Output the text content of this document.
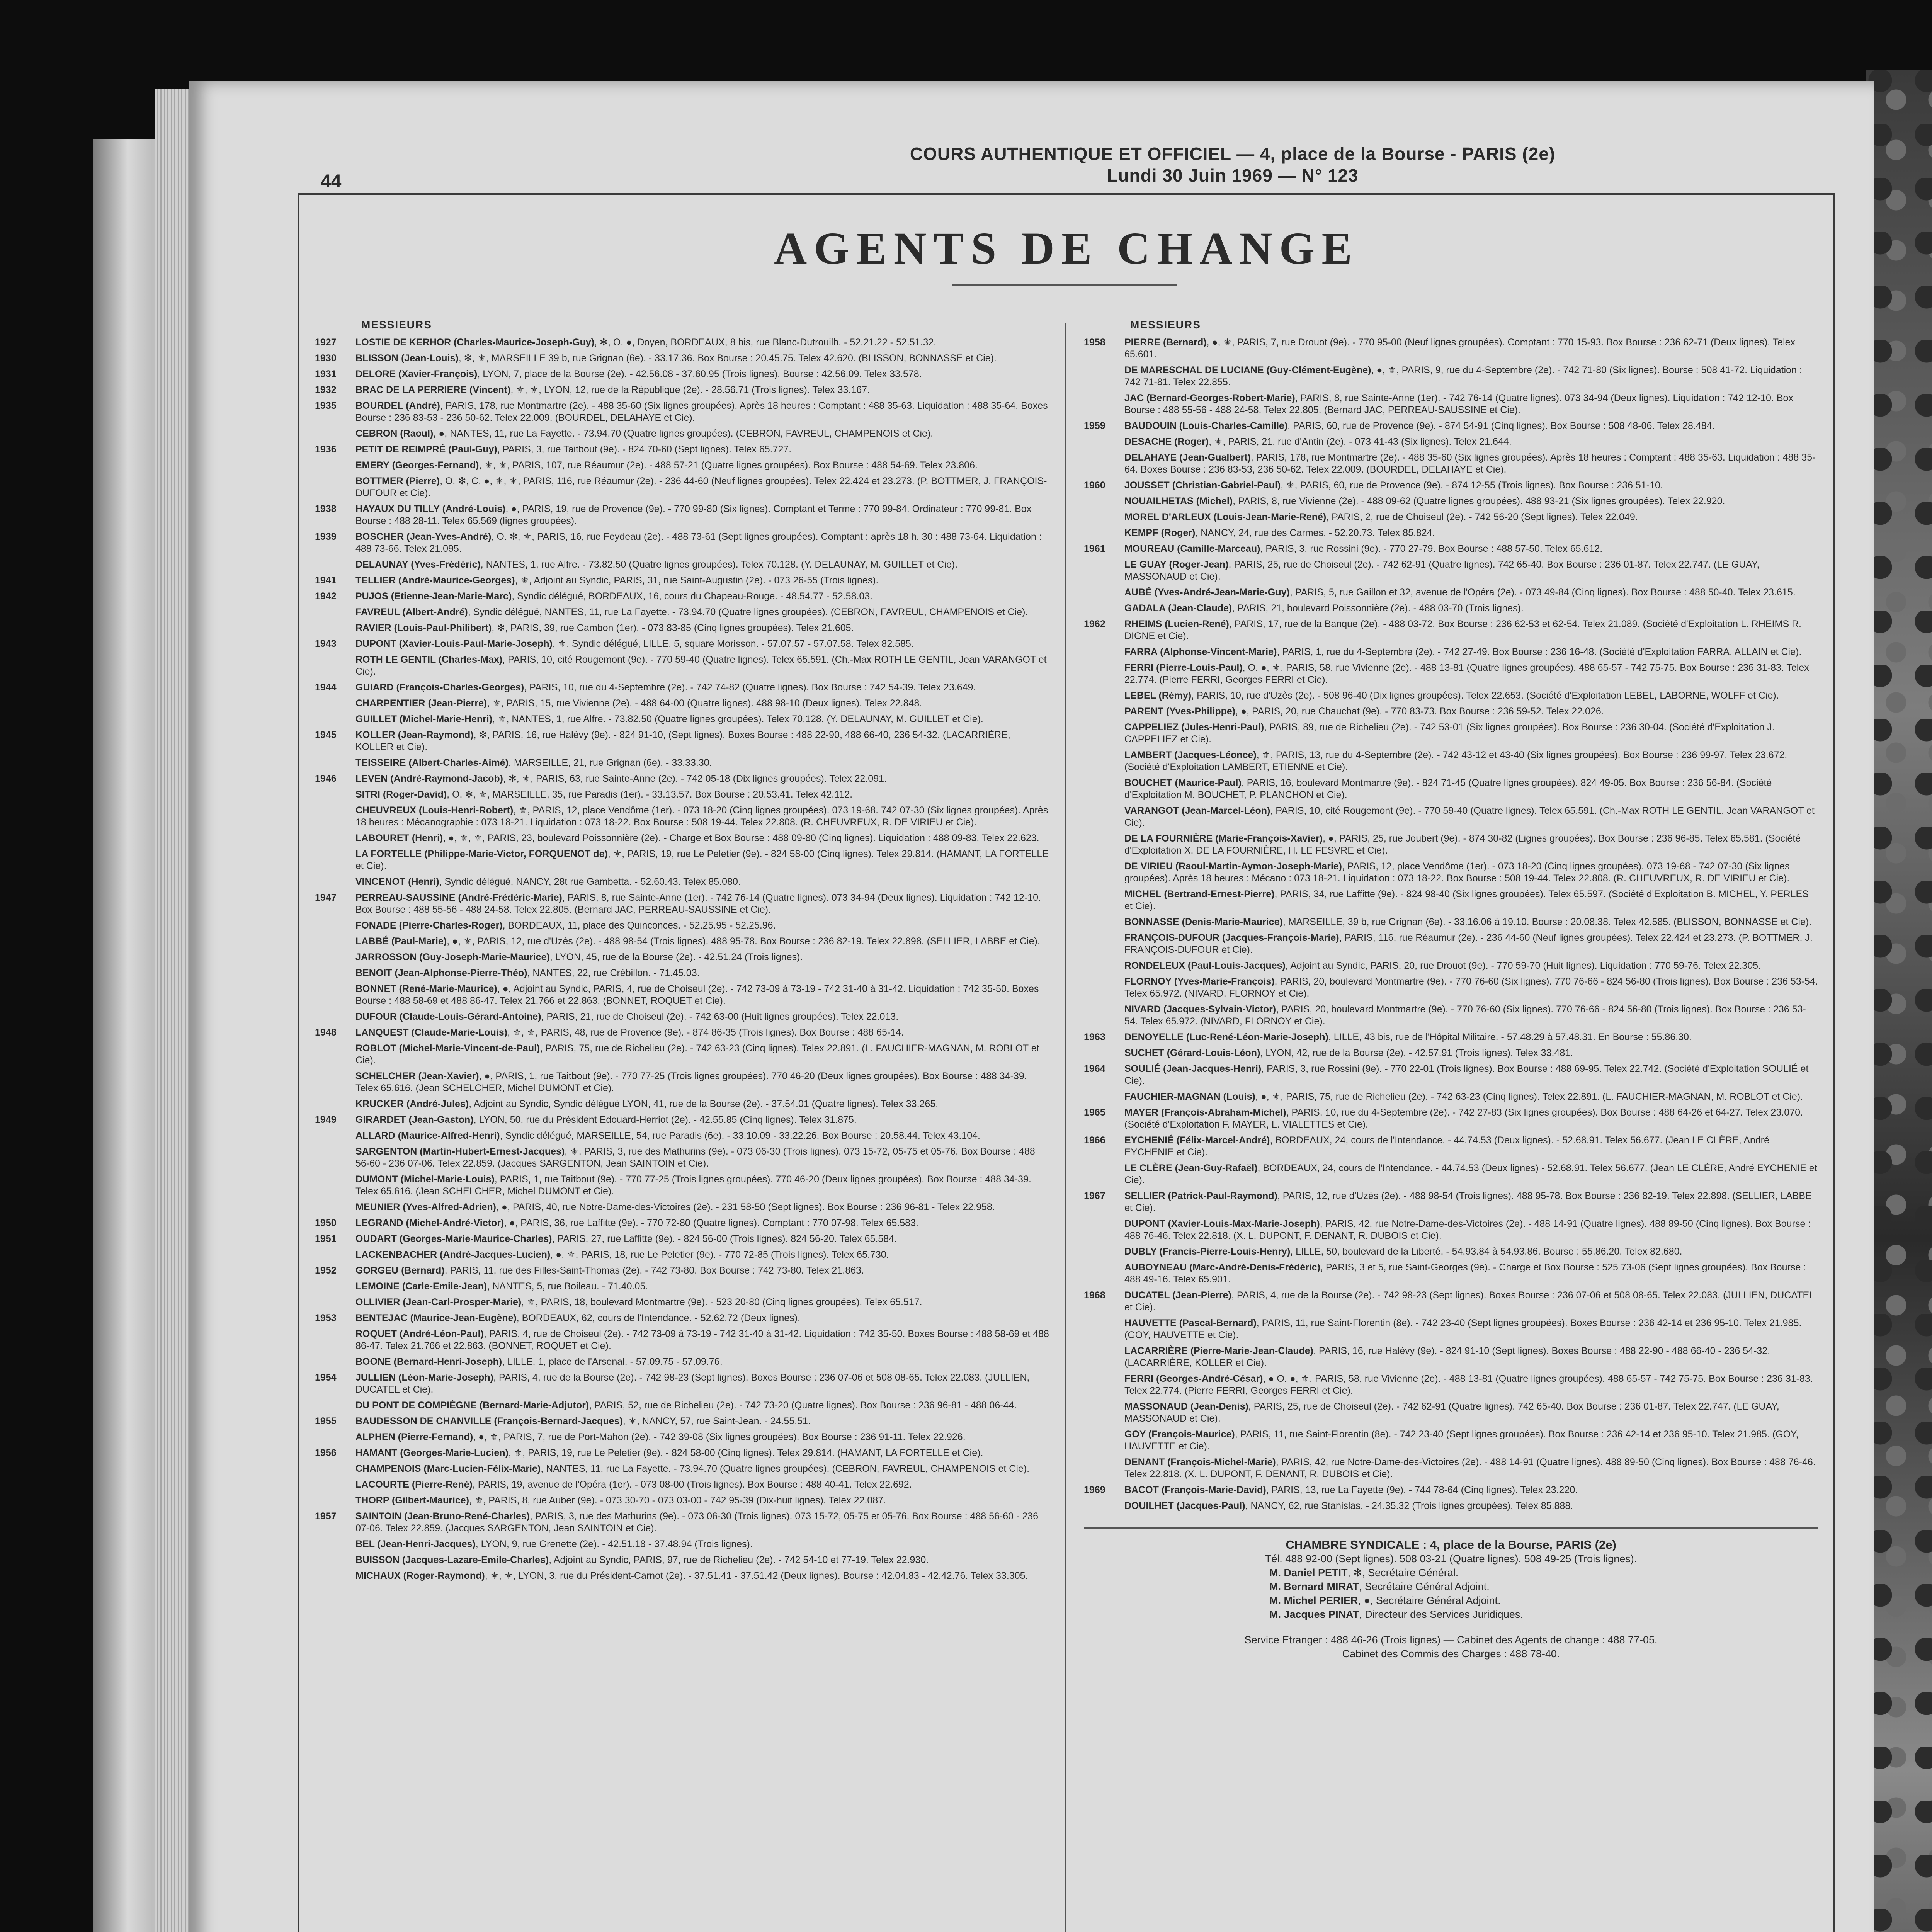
44
COURS AUTHENTIQUE ET OFFICIEL — 4, place de la Bourse - PARIS (2e)
Lundi 30 Juin 1969 — N° 123
AGENTS DE CHANGE
MESSIEURS
1927	LOSTIE DE KERHOR (Charles-Maurice-Joseph-Guy), ✻, O. ●, Doyen, BORDEAUX, 8 bis, rue Blanc-Dutrouilh. - 52.21.22 - 52.51.32.
1930	BLISSON (Jean-Louis), ✻, ⚜, MARSEILLE 39 b, rue Grignan (6e). - 33.17.36. Box Bourse : 20.45.75. Telex 42.620. (BLISSON, BONNASSE et Cie).
1931	DELORE (Xavier-François), LYON, 7, place de la Bourse (2e). - 42.56.08 - 37.60.95 (Trois lignes). Bourse : 42.56.09. Telex 33.578.
1932	BRAC DE LA PERRIERE (Vincent), ⚜, ⚜, LYON, 12, rue de la République (2e). - 28.56.71 (Trois lignes). Telex 33.167.
1935	BOURDEL (André), PARIS, 178, rue Montmartre (2e). - 488 35-60 (Six lignes groupées). Après 18 heures : Comptant : 488 35-63. Liquidation : 488 35-64. Boxes Bourse : 236 83-53 - 236 50-62. Telex 22.009. (BOURDEL, DELAHAYE et Cie).
CEBRON (Raoul), ●, NANTES, 11, rue La Fayette. - 73.94.70 (Quatre lignes groupées). (CEBRON, FAVREUL, CHAMPENOIS et Cie).
1936	PETIT DE REIMPRÉ (Paul-Guy), PARIS, 3, rue Taitbout (9e). - 824 70-60 (Sept lignes). Telex 65.727.
EMERY (Georges-Fernand), ⚜, ⚜, PARIS, 107, rue Réaumur (2e). - 488 57-21 (Quatre lignes groupées). Box Bourse : 488 54-69. Telex 23.806.
BOTTMER (Pierre), O. ✻, C. ●, ⚜, ⚜, PARIS, 116, rue Réaumur (2e). - 236 44-60 (Neuf lignes groupées). Telex 22.424 et 23.273. (P. BOTTMER, J. FRANÇOIS-DUFOUR et Cie).
1938	HAYAUX DU TILLY (André-Louis), ●, PARIS, 19, rue de Provence (9e). - 770 99-80 (Six lignes). Comptant et Terme : 770 99-84. Ordinateur : 770 99-81. Box Bourse : 488 28-11. Telex 65.569 (lignes groupées).
1939	BOSCHER (Jean-Yves-André), O. ✻, ⚜, PARIS, 16, rue Feydeau (2e). - 488 73-61 (Sept lignes groupées). Comptant : après 18 h. 30 : 488 73-64. Liquidation : 488 73-66. Telex 21.095.
DELAUNAY (Yves-Frédéric), NANTES, 1, rue Alfre. - 73.82.50 (Quatre lignes groupées). Telex 70.128. (Y. DELAUNAY, M. GUILLET et Cie).
1941	TELLIER (André-Maurice-Georges), ⚜, Adjoint au Syndic, PARIS, 31, rue Saint-Augustin (2e). - 073 26-55 (Trois lignes).
1942	PUJOS (Etienne-Jean-Marie-Marc), Syndic délégué, BORDEAUX, 16, cours du Chapeau-Rouge. - 48.54.77 - 52.58.03.
FAVREUL (Albert-André), Syndic délégué, NANTES, 11, rue La Fayette. - 73.94.70 (Quatre lignes groupées). (CEBRON, FAVREUL, CHAMPENOIS et Cie).
RAVIER (Louis-Paul-Philibert), ✻, PARIS, 39, rue Cambon (1er). - 073 83-85 (Cinq lignes groupées). Telex 21.605.
1943	DUPONT (Xavier-Louis-Paul-Marie-Joseph), ⚜, Syndic délégué, LILLE, 5, square Morisson. - 57.07.57 - 57.07.58. Telex 82.585.
ROTH LE GENTIL (Charles-Max), PARIS, 10, cité Rougemont (9e). - 770 59-40 (Quatre lignes). Telex 65.591. (Ch.-Max ROTH LE GENTIL, Jean VARANGOT et Cie).
1944	GUIARD (François-Charles-Georges), PARIS, 10, rue du 4-Septembre (2e). - 742 74-82 (Quatre lignes). Box Bourse : 742 54-39. Telex 23.649.
CHARPENTIER (Jean-Pierre), ⚜, PARIS, 15, rue Vivienne (2e). - 488 64-00 (Quatre lignes). 488 98-10 (Deux lignes). Telex 22.848.
GUILLET (Michel-Marie-Henri), ⚜, NANTES, 1, rue Alfre. - 73.82.50 (Quatre lignes groupées). Telex 70.128. (Y. DELAUNAY, M. GUILLET et Cie).
1945	KOLLER (Jean-Raymond), ✻, PARIS, 16, rue Halévy (9e). - 824 91-10, (Sept lignes). Boxes Bourse : 488 22-90, 488 66-40, 236 54-32. (LACARRIÈRE, KOLLER et Cie).
TEISSEIRE (Albert-Charles-Aimé), MARSEILLE, 21, rue Grignan (6e). - 33.33.30.
1946	LEVEN (André-Raymond-Jacob), ✻, ⚜, PARIS, 63, rue Sainte-Anne (2e). - 742 05-18 (Dix lignes groupées). Telex 22.091.
SITRI (Roger-David), O. ✻, ⚜, MARSEILLE, 35, rue Paradis (1er). - 33.13.57. Box Bourse : 20.53.41. Telex 42.112.
CHEUVREUX (Louis-Henri-Robert), ⚜, PARIS, 12, place Vendôme (1er). - 073 18-20 (Cinq lignes groupées). 073 19-68. 742 07-30 (Six lignes groupées). Après 18 heures : Mécanographie : 073 18-21. Liquidation : 073 18-22. Box Bourse : 508 19-44. Telex 22.808. (R. CHEUVREUX, R. DE VIRIEU et Cie).
LABOURET (Henri), ●, ⚜, ⚜, PARIS, 23, boulevard Poissonnière (2e). - Charge et Box Bourse : 488 09-80 (Cinq lignes). Liquidation : 488 09-83. Telex 22.623.
LA FORTELLE (Philippe-Marie-Victor, FORQUENOT de), ⚜, PARIS, 19, rue Le Peletier (9e). - 824 58-00 (Cinq lignes). Telex 29.814. (HAMANT, LA FORTELLE et Cie).
VINCENOT (Henri), Syndic délégué, NANCY, 28t rue Gambetta. - 52.60.43. Telex 85.080.
1947	PERREAU-SAUSSINE (André-Frédéric-Marie), PARIS, 8, rue Sainte-Anne (1er). - 742 76-14 (Quatre lignes). 073 34-94 (Deux lignes). Liquidation : 742 12-10. Box Bourse : 488 55-56 - 488 24-58. Telex 22.805. (Bernard JAC, PERREAU-SAUSSINE et Cie).
FONADE (Pierre-Charles-Roger), BORDEAUX, 11, place des Quinconces. - 52.25.95 - 52.25.96.
LABBÉ (Paul-Marie), ●, ⚜, PARIS, 12, rue d'Uzès (2e). - 488 98-54 (Trois lignes). 488 95-78. Box Bourse : 236 82-19. Telex 22.898. (SELLIER, LABBE et Cie).
JARROSSON (Guy-Joseph-Marie-Maurice), LYON, 45, rue de la Bourse (2e). - 42.51.24 (Trois lignes).
BENOIT (Jean-Alphonse-Pierre-Théo), NANTES, 22, rue Crébillon. - 71.45.03.
BONNET (René-Marie-Maurice), ●, Adjoint au Syndic, PARIS, 4, rue de Choiseul (2e). - 742 73-09 à 73-19 - 742 31-40 à 31-42. Liquidation : 742 35-50. Boxes Bourse : 488 58-69 et 488 86-47. Telex 21.766 et 22.863. (BONNET, ROQUET et Cie).
DUFOUR (Claude-Louis-Gérard-Antoine), PARIS, 21, rue de Choiseul (2e). - 742 63-00 (Huit lignes groupées). Telex 22.013.
1948	LANQUEST (Claude-Marie-Louis), ⚜, ⚜, PARIS, 48, rue de Provence (9e). - 874 86-35 (Trois lignes). Box Bourse : 488 65-14.
ROBLOT (Michel-Marie-Vincent-de-Paul), PARIS, 75, rue de Richelieu (2e). - 742 63-23 (Cinq lignes). Telex 22.891. (L. FAUCHIER-MAGNAN, M. ROBLOT et Cie).
SCHELCHER (Jean-Xavier), ●, PARIS, 1, rue Taitbout (9e). - 770 77-25 (Trois lignes groupées). 770 46-20 (Deux lignes groupées). Box Bourse : 488 34-39. Telex 65.616. (Jean SCHELCHER, Michel DUMONT et Cie).
KRUCKER (André-Jules), Adjoint au Syndic, Syndic délégué LYON, 41, rue de la Bourse (2e). - 37.54.01 (Quatre lignes). Telex 33.265.
1949	GIRARDET (Jean-Gaston), LYON, 50, rue du Président Edouard-Herriot (2e). - 42.55.85 (Cinq lignes). Telex 31.875.
ALLARD (Maurice-Alfred-Henri), Syndic délégué, MARSEILLE, 54, rue Paradis (6e). - 33.10.09 - 33.22.26. Box Bourse : 20.58.44. Telex 43.104.
SARGENTON (Martin-Hubert-Ernest-Jacques), ⚜, PARIS, 3, rue des Mathurins (9e). - 073 06-30 (Trois lignes). 073 15-72, 05-75 et 05-76. Box Bourse : 488 56-60 - 236 07-06. Telex 22.859. (Jacques SARGENTON, Jean SAINTOIN et Cie).
DUMONT (Michel-Marie-Louis), PARIS, 1, rue Taitbout (9e). - 770 77-25 (Trois lignes groupées). 770 46-20 (Deux lignes groupées). Box Bourse : 488 34-39. Telex 65.616. (Jean SCHELCHER, Michel DUMONT et Cie).
MEUNIER (Yves-Alfred-Adrien), ●, PARIS, 40, rue Notre-Dame-des-Victoires (2e). - 231 58-50 (Sept lignes). Box Bourse : 236 96-81 - Telex 22.958.
1950	LEGRAND (Michel-André-Victor), ●, PARIS, 36, rue Laffitte (9e). - 770 72-80 (Quatre lignes). Comptant : 770 07-98. Telex 65.583.
1951	OUDART (Georges-Marie-Maurice-Charles), PARIS, 27, rue Laffitte (9e). - 824 56-00 (Trois lignes). 824 56-20. Telex 65.584.
LACKENBACHER (André-Jacques-Lucien), ●, ⚜, PARIS, 18, rue Le Peletier (9e). - 770 72-85 (Trois lignes). Telex 65.730.
1952	GORGEU (Bernard), PARIS, 11, rue des Filles-Saint-Thomas (2e). - 742 73-80. Box Bourse : 742 73-80. Telex 21.863.
LEMOINE (Carle-Emile-Jean), NANTES, 5, rue Boileau. - 71.40.05.
OLLIVIER (Jean-Carl-Prosper-Marie), ⚜, PARIS, 18, boulevard Montmartre (9e). - 523 20-80 (Cinq lignes groupées). Telex 65.517.
1953	BENTEJAC (Maurice-Jean-Eugène), BORDEAUX, 62, cours de l'Intendance. - 52.62.72 (Deux lignes).
ROQUET (André-Léon-Paul), PARIS, 4, rue de Choiseul (2e). - 742 73-09 à 73-19 - 742 31-40 à 31-42. Liquidation : 742 35-50. Boxes Bourse : 488 58-69 et 488 86-47. Telex 21.766 et 22.863. (BONNET, ROQUET et Cie).
BOONE (Bernard-Henri-Joseph), LILLE, 1, place de l'Arsenal. - 57.09.75 - 57.09.76.
1954	JULLIEN (Léon-Marie-Joseph), PARIS, 4, rue de la Bourse (2e). - 742 98-23 (Sept lignes). Boxes Bourse : 236 07-06 et 508 08-65. Telex 22.083. (JULLIEN, DUCATEL et Cie).
DU PONT DE COMPIÈGNE (Bernard-Marie-Adjutor), PARIS, 52, rue de Richelieu (2e). - 742 73-20 (Quatre lignes). Box Bourse : 236 96-81 - 488 06-44.
1955	BAUDESSON DE CHANVILLE (François-Bernard-Jacques), ⚜, NANCY, 57, rue Saint-Jean. - 24.55.51.
ALPHEN (Pierre-Fernand), ●, ⚜, PARIS, 7, rue de Port-Mahon (2e). - 742 39-08 (Six lignes groupées). Box Bourse : 236 91-11. Telex 22.926.
1956	HAMANT (Georges-Marie-Lucien), ⚜, PARIS, 19, rue Le Peletier (9e). - 824 58-00 (Cinq lignes). Telex 29.814. (HAMANT, LA FORTELLE et Cie).
CHAMPENOIS (Marc-Lucien-Félix-Marie), NANTES, 11, rue La Fayette. - 73.94.70 (Quatre lignes groupées). (CEBRON, FAVREUL, CHAMPENOIS et Cie).
LACOURTE (Pierre-René), PARIS, 19, avenue de l'Opéra (1er). - 073 08-00 (Trois lignes). Box Bourse : 488 40-41. Telex 22.692.
THORP (Gilbert-Maurice), ⚜, PARIS, 8, rue Auber (9e). - 073 30-70 - 073 03-00 - 742 95-39 (Dix-huit lignes). Telex 22.087.
1957	SAINTOIN (Jean-Bruno-René-Charles), PARIS, 3, rue des Mathurins (9e). - 073 06-30 (Trois lignes). 073 15-72, 05-75 et 05-76. Box Bourse : 488 56-60 - 236 07-06. Telex 22.859. (Jacques SARGENTON, Jean SAINTOIN et Cie).
BEL (Jean-Henri-Jacques), LYON, 9, rue Grenette (2e). - 42.51.18 - 37.48.94 (Trois lignes).
BUISSON (Jacques-Lazare-Emile-Charles), Adjoint au Syndic, PARIS, 97, rue de Richelieu (2e). - 742 54-10 et 77-19. Telex 22.930.
MICHAUX (Roger-Raymond), ⚜, ⚜, LYON, 3, rue du Président-Carnot (2e). - 37.51.41 - 37.51.42 (Deux lignes). Bourse : 42.04.83 - 42.42.76. Telex 33.305.
MESSIEURS
1958	PIERRE (Bernard), ●, ⚜, PARIS, 7, rue Drouot (9e). - 770 95-00 (Neuf lignes groupées). Comptant : 770 15-93. Box Bourse : 236 62-71 (Deux lignes). Telex 65.601.
DE MARESCHAL DE LUCIANE (Guy-Clément-Eugène), ●, ⚜, PARIS, 9, rue du 4-Septembre (2e). - 742 71-80 (Six lignes). Bourse : 508 41-72. Liquidation : 742 71-81. Telex 22.855.
JAC (Bernard-Georges-Robert-Marie), PARIS, 8, rue Sainte-Anne (1er). - 742 76-14 (Quatre lignes). 073 34-94 (Deux lignes). Liquidation : 742 12-10. Box Bourse : 488 55-56 - 488 24-58. Telex 22.805. (Bernard JAC, PERREAU-SAUSSINE et Cie).
1959	BAUDOUIN (Louis-Charles-Camille), PARIS, 60, rue de Provence (9e). - 874 54-91 (Cinq lignes). Box Bourse : 508 48-06. Telex 28.484.
DESACHE (Roger), ⚜, PARIS, 21, rue d'Antin (2e). - 073 41-43 (Six lignes). Telex 21.644.
DELAHAYE (Jean-Gualbert), PARIS, 178, rue Montmartre (2e). - 488 35-60 (Six lignes groupées). Après 18 heures : Comptant : 488 35-63. Liquidation : 488 35-64. Boxes Bourse : 236 83-53, 236 50-62. Telex 22.009. (BOURDEL, DELAHAYE et Cie).
1960	JOUSSET (Christian-Gabriel-Paul), ⚜, PARIS, 60, rue de Provence (9e). - 874 12-55 (Trois lignes). Box Bourse : 236 51-10.
NOUAILHETAS (Michel), PARIS, 8, rue Vivienne (2e). - 488 09-62 (Quatre lignes groupées). 488 93-21 (Six lignes groupées). Telex 22.920.
MOREL D'ARLEUX (Louis-Jean-Marie-René), PARIS, 2, rue de Choiseul (2e). - 742 56-20 (Sept lignes). Telex 22.049.
KEMPF (Roger), NANCY, 24, rue des Carmes. - 52.20.73. Telex 85.824.
1961	MOUREAU (Camille-Marceau), PARIS, 3, rue Rossini (9e). - 770 27-79. Box Bourse : 488 57-50. Telex 65.612.
LE GUAY (Roger-Jean), PARIS, 25, rue de Choiseul (2e). - 742 62-91 (Quatre lignes). 742 65-40. Box Bourse : 236 01-87. Telex 22.747. (LE GUAY, MASSONAUD et Cie).
AUBÉ (Yves-André-Jean-Marie-Guy), PARIS, 5, rue Gaillon et 32, avenue de l'Opéra (2e). - 073 49-84 (Cinq lignes). Box Bourse : 488 50-40. Telex 23.615.
GADALA (Jean-Claude), PARIS, 21, boulevard Poissonnière (2e). - 488 03-70 (Trois lignes).
1962	RHEIMS (Lucien-René), PARIS, 17, rue de la Banque (2e). - 488 03-72. Box Bourse : 236 62-53 et 62-54. Telex 21.089. (Société d'Exploitation L. RHEIMS R. DIGNE et Cie).
FARRA (Alphonse-Vincent-Marie), PARIS, 1, rue du 4-Septembre (2e). - 742 27-49. Box Bourse : 236 16-48. (Société d'Exploitation FARRA, ALLAIN et Cie).
FERRI (Pierre-Louis-Paul), O. ●, ⚜, PARIS, 58, rue Vivienne (2e). - 488 13-81 (Quatre lignes groupées). 488 65-57 - 742 75-75. Box Bourse : 236 31-83. Telex 22.774. (Pierre FERRI, Georges FERRI et Cie).
LEBEL (Rémy), PARIS, 10, rue d'Uzès (2e). - 508 96-40 (Dix lignes groupées). Telex 22.653. (Société d'Exploitation LEBEL, LABORNE, WOLFF et Cie).
PARENT (Yves-Philippe), ●, PARIS, 20, rue Chauchat (9e). - 770 83-73. Box Bourse : 236 59-52. Telex 22.026.
CAPPELIEZ (Jules-Henri-Paul), PARIS, 89, rue de Richelieu (2e). - 742 53-01 (Six lignes groupées). Box Bourse : 236 30-04. (Société d'Exploitation J. CAPPELIEZ et Cie).
LAMBERT (Jacques-Léonce), ⚜, PARIS, 13, rue du 4-Septembre (2e). - 742 43-12 et 43-40 (Six lignes groupées). Box Bourse : 236 99-97. Telex 23.672. (Société d'Exploitation LAMBERT, ETIENNE et Cie).
BOUCHET (Maurice-Paul), PARIS, 16, boulevard Montmartre (9e). - 824 71-45 (Quatre lignes groupées). 824 49-05. Box Bourse : 236 56-84. (Société d'Exploitation M. BOUCHET, P. PLANCHON et Cie).
VARANGOT (Jean-Marcel-Léon), PARIS, 10, cité Rougemont (9e). - 770 59-40 (Quatre lignes). Telex 65.591. (Ch.-Max ROTH LE GENTIL, Jean VARANGOT et Cie).
DE LA FOURNIÈRE (Marie-François-Xavier), ●, PARIS, 25, rue Joubert (9e). - 874 30-82 (Lignes groupées). Box Bourse : 236 96-85. Telex 65.581. (Société d'Exploitation X. DE LA FOURNIÈRE, H. LE FESVRE et Cie).
DE VIRIEU (Raoul-Martin-Aymon-Joseph-Marie), PARIS, 12, place Vendôme (1er). - 073 18-20 (Cinq lignes groupées). 073 19-68 - 742 07-30 (Six lignes groupées). Après 18 heures : Mécano : 073 18-21. Liquidation : 073 18-22. Box Bourse : 508 19-44. Telex 22.808. (R. CHEUVREUX, R. DE VIRIEU et Cie).
MICHEL (Bertrand-Ernest-Pierre), PARIS, 34, rue Laffitte (9e). - 824 98-40 (Six lignes groupées). Telex 65.597. (Société d'Exploitation B. MICHEL, Y. PERLES et Cie).
BONNASSE (Denis-Marie-Maurice), MARSEILLE, 39 b, rue Grignan (6e). - 33.16.06 à 19.10. Bourse : 20.08.38. Telex 42.585. (BLISSON, BONNASSE et Cie).
FRANÇOIS-DUFOUR (Jacques-François-Marie), PARIS, 116, rue Réaumur (2e). - 236 44-60 (Neuf lignes groupées). Telex 22.424 et 23.273. (P. BOTTMER, J. FRANÇOIS-DUFOUR et Cie).
RONDELEUX (Paul-Louis-Jacques), Adjoint au Syndic, PARIS, 20, rue Drouot (9e). - 770 59-70 (Huit lignes). Liquidation : 770 59-76. Telex 22.305.
FLORNOY (Yves-Marie-François), PARIS, 20, boulevard Montmartre (9e). - 770 76-60 (Six lignes). 770 76-66 - 824 56-80 (Trois lignes). Box Bourse : 236 53-54. Telex 65.972. (NIVARD, FLORNOY et Cie).
NIVARD (Jacques-Sylvain-Victor), PARIS, 20, boulevard Montmartre (9e). - 770 76-60 (Six lignes). 770 76-66 - 824 56-80 (Trois lignes). Box Bourse : 236 53-54. Telex 65.972. (NIVARD, FLORNOY et Cie).
1963	DENOYELLE (Luc-René-Léon-Marie-Joseph), LILLE, 43 bis, rue de l'Hôpital Militaire. - 57.48.29 à 57.48.31. En Bourse : 55.86.30.
SUCHET (Gérard-Louis-Léon), LYON, 42, rue de la Bourse (2e). - 42.57.91 (Trois lignes). Telex 33.481.
1964	SOULIÉ (Jean-Jacques-Henri), PARIS, 3, rue Rossini (9e). - 770 22-01 (Trois lignes). Box Bourse : 488 69-95. Telex 22.742. (Société d'Exploitation SOULIÉ et Cie).
FAUCHIER-MAGNAN (Louis), ●, ⚜, PARIS, 75, rue de Richelieu (2e). - 742 63-23 (Cinq lignes). Telex 22.891. (L. FAUCHIER-MAGNAN, M. ROBLOT et Cie).
1965	MAYER (François-Abraham-Michel), PARIS, 10, rue du 4-Septembre (2e). - 742 27-83 (Six lignes groupées). Box Bourse : 488 64-26 et 64-27. Telex 23.070. (Société d'Exploitation F. MAYER, L. VIALETTES et Cie).
1966	EYCHENIÉ (Félix-Marcel-André), BORDEAUX, 24, cours de l'Intendance. - 44.74.53 (Deux lignes). - 52.68.91. Telex 56.677. (Jean LE CLÈRE, André EYCHENIE et Cie).
LE CLÈRE (Jean-Guy-Rafaël), BORDEAUX, 24, cours de l'Intendance. - 44.74.53 (Deux lignes) - 52.68.91. Telex 56.677. (Jean LE CLÈRE, André EYCHENIE et Cie).
1967	SELLIER (Patrick-Paul-Raymond), PARIS, 12, rue d'Uzès (2e). - 488 98-54 (Trois lignes). 488 95-78. Box Bourse : 236 82-19. Telex 22.898. (SELLIER, LABBE et Cie).
DUPONT (Xavier-Louis-Max-Marie-Joseph), PARIS, 42, rue Notre-Dame-des-Victoires (2e). - 488 14-91 (Quatre lignes). 488 89-50 (Cinq lignes). Box Bourse : 488 76-46. Telex 22.818. (X. L. DUPONT, F. DENANT, R. DUBOIS et Cie).
DUBLY (Francis-Pierre-Louis-Henry), LILLE, 50, boulevard de la Liberté. - 54.93.84 à 54.93.86. Bourse : 55.86.20. Telex 82.680.
AUBOYNEAU (Marc-André-Denis-Frédéric), PARIS, 3 et 5, rue Saint-Georges (9e). - Charge et Box Bourse : 525 73-06 (Sept lignes groupées). Box Bourse : 488 49-16. Telex 65.901.
1968	DUCATEL (Jean-Pierre), PARIS, 4, rue de la Bourse (2e). - 742 98-23 (Sept lignes). Boxes Bourse : 236 07-06 et 508 08-65. Telex 22.083. (JULLIEN, DUCATEL et Cie).
HAUVETTE (Pascal-Bernard), PARIS, 11, rue Saint-Florentin (8e). - 742 23-40 (Sept lignes groupées). Boxes Bourse : 236 42-14 et 236 95-10. Telex 21.985. (GOY, HAUVETTE et Cie).
LACARRIÈRE (Pierre-Marie-Jean-Claude), PARIS, 16, rue Halévy (9e). - 824 91-10 (Sept lignes). Boxes Bourse : 488 22-90 - 488 66-40 - 236 54-32. (LACARRIÈRE, KOLLER et Cie).
FERRI (Georges-André-César), ● O. ●, ⚜, PARIS, 58, rue Vivienne (2e). - 488 13-81 (Quatre lignes groupées). 488 65-57 - 742 75-75. Box Bourse : 236 31-83. Telex 22.774. (Pierre FERRI, Georges FERRI et Cie).
MASSONAUD (Jean-Denis), PARIS, 25, rue de Choiseul (2e). - 742 62-91 (Quatre lignes). 742 65-40. Box Bourse : 236 01-87. Telex 22.747. (LE GUAY, MASSONAUD et Cie).
GOY (François-Maurice), PARIS, 11, rue Saint-Florentin (8e). - 742 23-40 (Sept lignes groupées). Box Bourse : 236 42-14 et 236 95-10. Telex 21.985. (GOY, HAUVETTE et Cie).
DENANT (François-Michel-Marie), PARIS, 42, rue Notre-Dame-des-Victoires (2e). - 488 14-91 (Quatre lignes). 488 89-50 (Cinq lignes). Box Bourse : 488 76-46. Telex 22.818. (X. L. DUPONT, F. DENANT, R. DUBOIS et Cie).
1969	BACOT (François-Marie-David), PARIS, 13, rue La Fayette (9e). - 744 78-64 (Cinq lignes). Telex 23.220.
DOUILHET (Jacques-Paul), NANCY, 62, rue Stanislas. - 24.35.32 (Trois lignes groupées). Telex 85.888.
CHAMBRE SYNDICALE : 4, place de la Bourse, PARIS (2e)
Tél. 488 92-00 (Sept lignes). 508 03-21 (Quatre lignes). 508 49-25 (Trois lignes).
M. Daniel PETIT, ✻, Secrétaire Général.
M. Bernard MIRAT, Secrétaire Général Adjoint.
M. Michel PERIER, ●, Secrétaire Général Adjoint.
M. Jacques PINAT, Directeur des Services Juridiques.
Service Etranger : 488 46-26 (Trois lignes) — Cabinet des Agents de change : 488 77-05.
Cabinet des Commis des Charges : 488 78-40.
